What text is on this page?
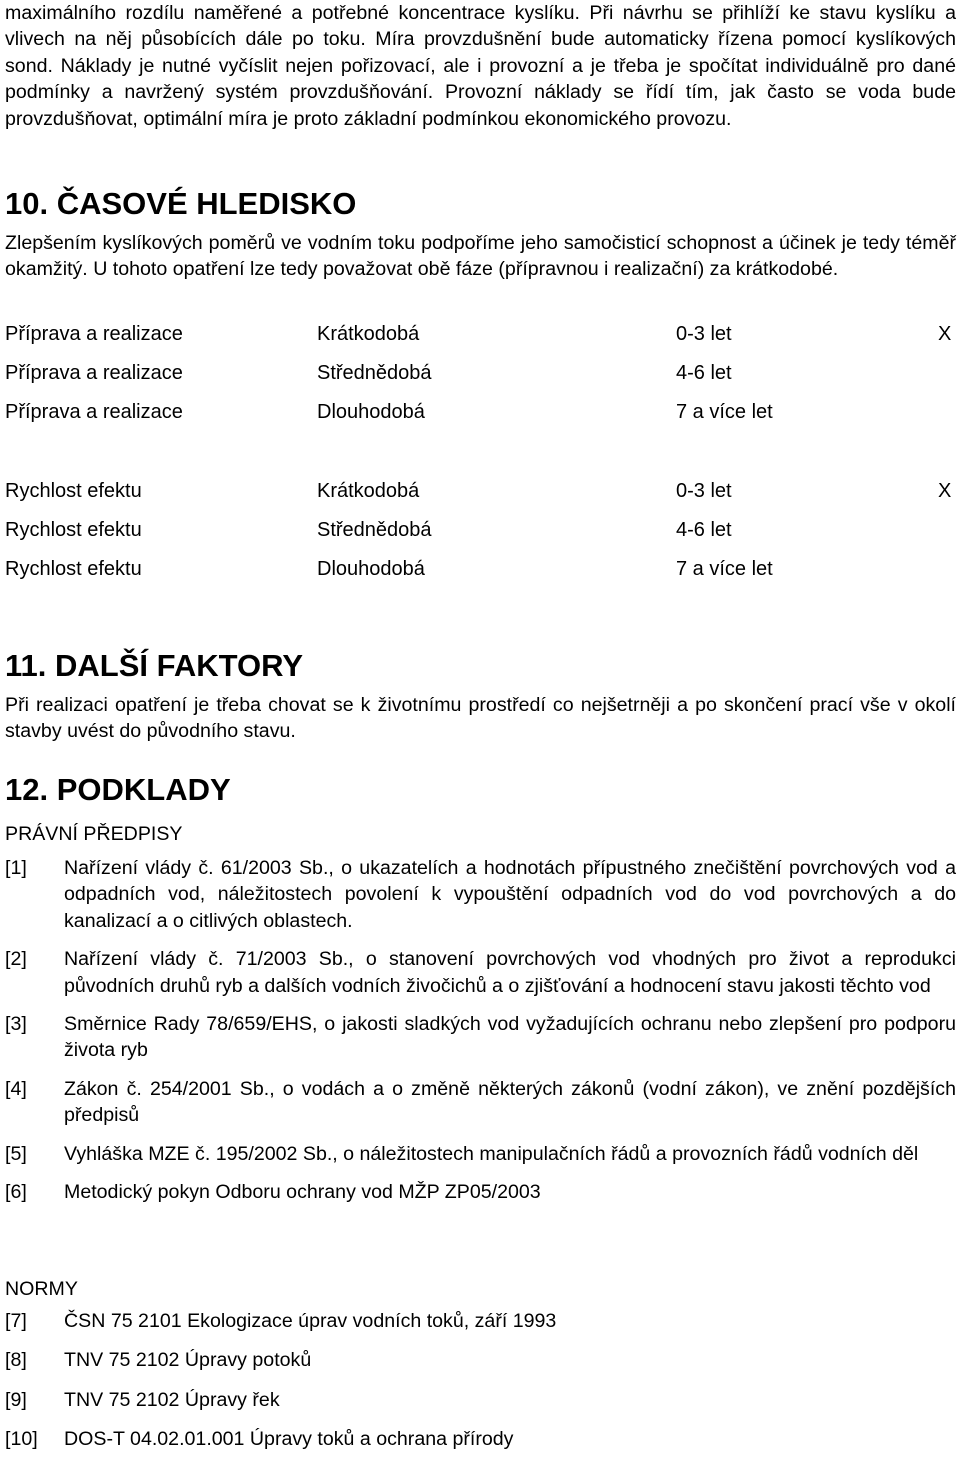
maximálního rozdílu naměřené a potřebné koncentrace kyslíku. Při návrhu se přihlíží ke stavu kyslíku a vlivech na něj působících dále po toku. Míra provzdušnění bude automaticky řízena pomocí kyslíkových sond. Náklady je nutné vyčíslit nejen pořizovací, ale i provozní a je třeba je spočítat individuálně pro dané podmínky a navržený systém provzdušňování. Provozní náklady se řídí tím, jak často se voda bude provzdušňovat, optimální míra je proto základní podmínkou ekonomického provozu.

10. ČASOVÉ HLEDISKO

Zlepšením kyslíkových poměrů ve vodním toku podpoříme jeho samočisticí schopnost a účinek je tedy téměř okamžitý. U tohoto opatření lze tedy považovat obě fáze (přípravnou i realizační) za krátkodobé.

Příprava a realizace	Krátkodobá	0-3 let	X
Příprava a realizace	Střednědobá	4-6 let
Příprava a realizace	Dlouhodobá	7 a více let
Rychlost efektu	Krátkodobá	0-3 let	X
Rychlost efektu	Střednědobá	4-6 let
Rychlost efektu	Dlouhodobá	7 a více let
11. DALŠÍ FAKTORY

Při realizaci opatření je třeba chovat se k životnímu prostředí co nejšetrněji a po skončení prací vše v okolí stavby uvést do původního stavu.

12. PODKLADY
PRÁVNÍ PŘEDPISY
[1] Nařízení vlády č. 61/2003 Sb., o ukazatelích a hodnotách přípustného znečištění povrchových vod a odpadních vod, náležitostech povolení k vypouštění odpadních vod do vod povrchových a do kanalizací a o citlivých oblastech.
[2] Nařízení vlády č. 71/2003 Sb., o stanovení povrchových vod vhodných pro život a reprodukci původních druhů ryb a dalších vodních živočichů a o zjišťování a hodnocení stavu jakosti těchto vod
[3] Směrnice Rady 78/659/EHS, o jakosti sladkých vod vyžadujících ochranu nebo zlepšení pro podporu života ryb
[4] Zákon č. 254/2001 Sb., o vodách a o změně některých zákonů (vodní zákon), ve znění pozdějších předpisů
[5] Vyhláška MZE č. 195/2002 Sb., o náležitostech manipulačních řádů a provozních řádů vodních děl
[6] Metodický pokyn Odboru ochrany vod MŽP ZP05/2003
NORMY
[7] ČSN 75 2101 Ekologizace úprav vodních toků, září 1993
[8] TNV 75 2102 Úpravy potoků
[9] TNV 75 2102 Úpravy řek
[10] DOS-T 04.02.01.001 Úpravy toků a ochrana přírody
